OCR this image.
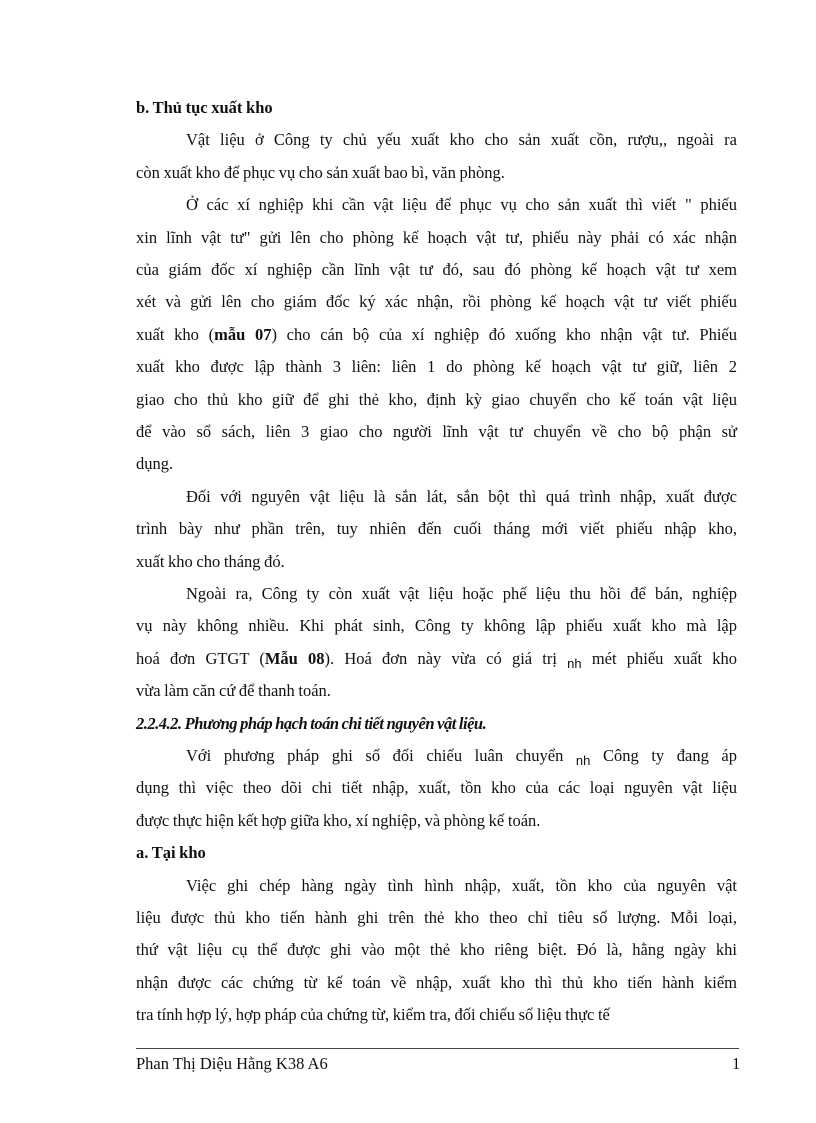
b. Thủ tục xuất kho
Vật liệu ở Công ty chủ yếu xuất kho cho sản xuất cồn, rượu,, ngoài ra
còn xuất kho để phục vụ cho sản xuất bao bì, văn phòng.
Ở các xí nghiệp khi cần vật liệu để phục vụ cho sản xuất thì viết " phiếu
xin lĩnh vật tư" gửi lên cho phòng kế hoạch vật tư, phiếu này phải có xác nhận
của giám đốc xí nghiệp cần lĩnh vật tư đó, sau đó phòng kế hoạch vật tư xem
xét và gửi lên cho giám đốc ký xác nhận, rồi phòng kế hoạch vật tư viết phiếu
xuất kho (mẫu 07) cho cán bộ của xí nghiệp đó xuống kho nhận vật tư. Phiếu
xuất kho được lập thành 3 liên: liên 1 do phòng kế hoạch vật tư giữ, liên 2
giao cho thủ kho giữ để ghi thẻ kho, định kỳ giao chuyển cho kế toán vật liệu
để vào sổ sách, liên 3 giao cho người lĩnh vật tư chuyển về cho bộ phận sử
dụng.
Đối với nguyên vật liệu là sắn lát, sắn bột thì quá trình nhập, xuất được
trình bày như phần trên, tuy nhiên đến cuối tháng mới viết phiếu nhập kho,
xuất kho cho tháng đó.
Ngoài ra, Công ty còn xuất vật liệu hoặc phế liệu thu hồi để bán, nghiệp
vụ này không nhiều. Khi phát sinh, Công ty không lập phiếu xuất kho mà lập
hoá đơn GTGT (Mẫu 08). Hoá đơn này vừa có giá trị $_{nh}$ mét phiếu xuất kho
vừa làm căn cứ để thanh toán.
2.2.4.2. Phương pháp hạch toán chi tiết nguyên vật liệu.
Với phương pháp ghi sổ đối chiếu luân chuyển $_{nh}$ Công ty đang áp
dụng thì việc theo dõi chi tiết nhập, xuất, tồn kho của các loại nguyên vật liệu
được thực hiện kết hợp giữa kho, xí nghiệp, và phòng kế toán.
a. Tại kho
Việc ghi chép hàng ngày tình hình nhập, xuất, tồn kho của nguyên vật
liệu được thủ kho tiến hành ghi trên thẻ kho theo chỉ tiêu số lượng. Mỗi loại,
thứ vật liệu cụ thể được ghi vào một thẻ kho riêng biệt. Đó là, hằng ngày khi
nhận được các chứng từ kế toán về nhập, xuất kho thì thủ kho tiến hành kiểm
tra tính hợp lý, hợp pháp của chứng từ, kiểm tra, đối chiếu số liệu thực tế
Phan Thị Diệu Hằng K38 A6	1
